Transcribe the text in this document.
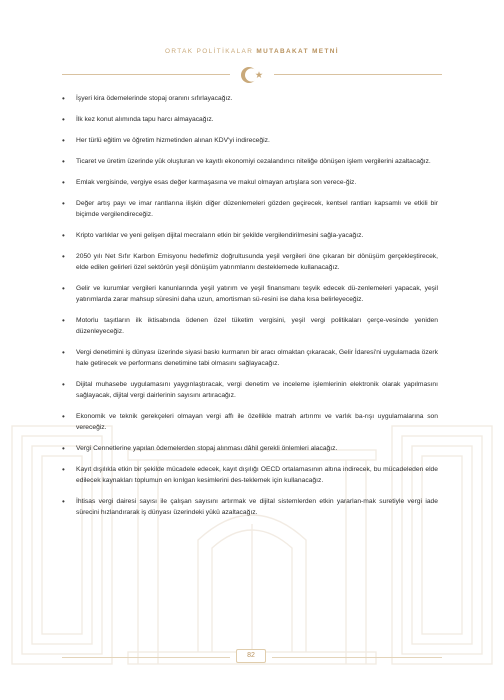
ORTAK POLİTİKALAR MUTABAKAT METNİ
• İşyeri kira ödemelerinde stopaj oranını sıfırlayacağız.
• İlk kez konut alımında tapu harcı almayacağız.
• Her türlü eğitim ve öğretim hizmetinden alınan KDV'yi indireceğiz.
• Ticaret ve üretim üzerinde yük oluşturan ve kayıtlı ekonomiyi cezalandırıcı niteliğe dönüşen işlem vergilerini azaltacağız.
• Emlak vergisinde, vergiye esas değer karmaşasına ve makul olmayan artışlara son verece-ğiz.
• Değer artış payı ve imar rantlarına ilişkin diğer düzenlemeleri gözden geçirecek, kentsel rantları kapsamlı ve etkili bir biçimde vergilendireceğiz.
• Kripto varlıklar ve yeni gelişen dijital mecraların etkin bir şekilde vergilendirilmesini sağla-yacağız.
• 2050 yılı Net Sıfır Karbon Emisyonu hedefimiz doğrultusunda yeşil vergileri öne çıkaran bir dönüşüm gerçekleştirecek, elde edilen gelirleri özel sektörün yeşil dönüşüm yatırımlarını desteklemede kullanacağız.
• Gelir ve kurumlar vergileri kanunlarında yeşil yatırım ve yeşil finansmanı teşvik edecek dü-zenlemeleri yapacak, yeşil yatırımlarda zarar mahsup süresini daha uzun, amortisman sü-resini ise daha kısa belirleyeceğiz.
• Motorlu taşıtların ilk iktisabında ödenen özel tüketim vergisini, yeşil vergi politikaları çerçe-vesinde yeniden düzenleyeceğiz.
• Vergi denetimini iş dünyası üzerinde siyasi baskı kurmanın bir aracı olmaktan çıkaracak, Gelir İdaresi'ni uygulamada özerk hale getirecek ve performans denetimine tabi olmasını sağlayacağız.
• Dijital muhasebe uygulamasını yaygınlaştıracak, vergi denetim ve inceleme işlemlerinin elektronik olarak yapılmasını sağlayacak, dijital vergi dairlerinin sayısını artıracağız.
• Ekonomik ve teknik gerekçeleri olmayan vergi affı ile özellikle matrah artırımı ve varlık ba-rışı uygulamalarına son vereceğiz.
• Vergi Cennetlerine yapılan ödemelerden stopaj alınması dâhil gerekli önlemleri alacağız.
• Kayıt dışılıkla etkin bir şekilde mücadele edecek, kayıt dışılığı OECD ortalamasının altına indirecek, bu mücadeleden elde edilecek kaynakları toplumun en kırılgan kesimlerini des-teklemek için kullanacağız.
• İhtisas vergi dairesi sayısı ile çalışan sayısını artırmak ve dijital sistemlerden etkin yararlan-mak suretiyle vergi iade sürecini hızlandırarak iş dünyası üzerindeki yükü azaltacağız.
82
